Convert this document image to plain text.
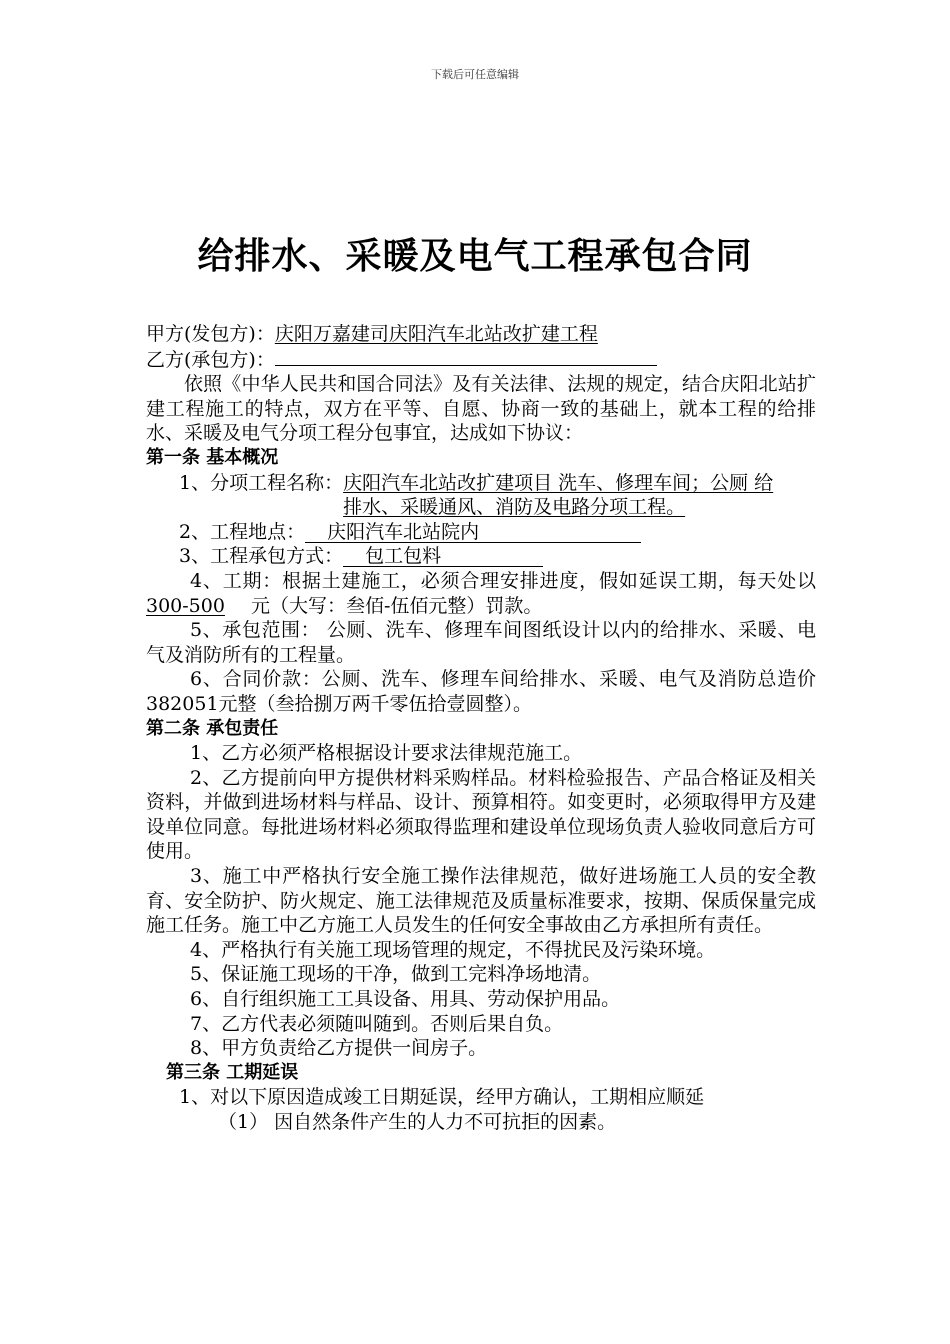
下载后可任意编辑
给排水、采暖及电气工程承包合同
甲方(发包方)：庆阳万嘉建司庆阳汽车北站改扩建工程
乙方(承包方)：
依照《中华人民共和国合同法》及有关法律、法规的规定，结合庆阳北站扩建工程施工的特点，双方在平等、自愿、协商一致的基础上，就本工程的给排水、采暖及电气分项工程分包事宜，达成如下协议：
第一条 基本概况
1、分项工程名称： 庆阳汽车北站改扩建项目 洗车、修理车间；公厕 给排水、采暖通风、消防及电路分项工程。
2、工程地点： 庆阳汽车北站院内
3、工程承包方式： 包工包料
4、工期：根据土建施工，必须合理安排进度，假如延误工期，每天处以300-500 元（大写：叁佰-伍佰元整）罚款。
5、承包范围： 公厕、洗车、修理车间图纸设计以内的给排水、采暖、电气及消防所有的工程量。
6、合同价款：公厕、洗车、修理车间给排水、采暖、电气及消防总造价382051元整（叁拾捌万两千零伍拾壹圆整）。
第二条 承包责任
1、乙方必须严格根据设计要求法律规范施工。
2、乙方提前向甲方提供材料采购样品。材料检验报告、产品合格证及相关资料，并做到进场材料与样品、设计、预算相符。如变更时，必须取得甲方及建设单位同意。每批进场材料必须取得监理和建设单位现场负责人验收同意后方可使用。
3、施工中严格执行安全施工操作法律规范，做好进场施工人员的安全教育、安全防护、防火规定、施工法律规范及质量标准要求，按期、保质保量完成施工任务。施工中乙方施工人员发生的任何安全事故由乙方承担所有责任。
4、严格执行有关施工现场管理的规定，不得扰民及污染环境。
5、保证施工现场的干净，做到工完料净场地清。
6、自行组织施工工具设备、用具、劳动保护用品。
7、乙方代表必须随叫随到。否则后果自负。
8、甲方负责给乙方提供一间房子。
第三条 工期延误
1、对以下原因造成竣工日期延误，经甲方确认，工期相应顺延
（1） 因自然条件产生的人力不可抗拒的因素。
